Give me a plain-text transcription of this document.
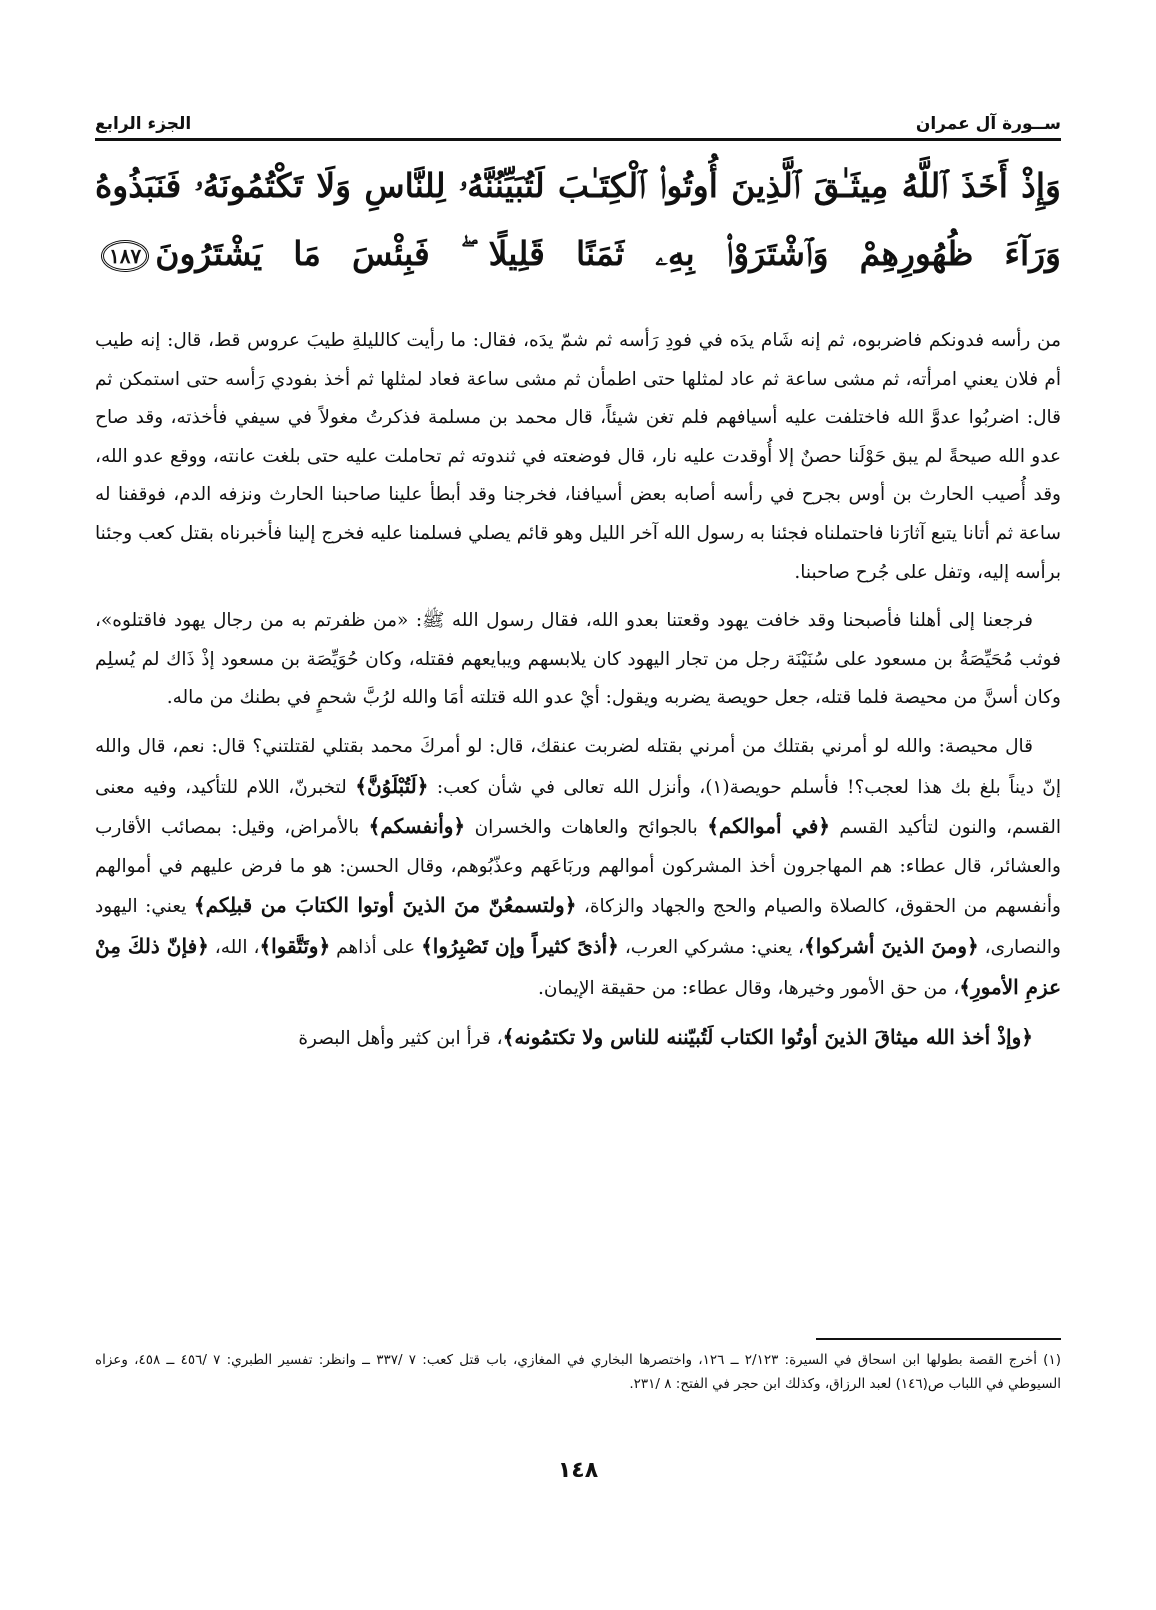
ســورة آل عمران
الجزء الرابع
وَإِذْ أَخَذَ ٱللَّهُ مِيثَـٰقَ ٱلَّذِينَ أُوتُوا۟ ٱلْكِتَـٰبَ لَتُبَيِّنُنَّهُۥ لِلنَّاسِ وَلَا تَكْتُمُونَهُۥ فَنَبَذُوهُ
وَرَآءَ ظُهُورِهِمْ وَٱشْتَرَوْا۟ بِهِۦ ثَمَنًا قَلِيلًا ۖ فَبِئْسَ مَا يَشْتَرُونَ١٨٧

من رأسه فدونكم فاضربوه، ثم إنه شَام يدَه في فودِ رَأسه ثم شمّ يدَه، فقال: ما رأيت كالليلةِ طيبَ عروس قط، قال: إنه طيب أم فلان يعني امرأته، ثم مشى ساعة ثم عاد لمثلها حتى اطمأن ثم مشى ساعة فعاد لمثلها ثم أخذ بفودي رَأسه حتى استمكن ثم قال: اضربُوا عدوَّ الله فاختلفت عليه أسيافهم فلم تغن شيئاً، قال محمد بن مسلمة فذكرتُ مغولاً في سيفي فأخذته، وقد صاح عدو الله صيحةً لم يبق حَوْلَنا حصنٌ إلا أُوقدت عليه نار، قال فوضعته في ثندوته ثم تحاملت عليه حتى بلغت عانته، ووقع عدو الله، وقد أُصيب الحارث بن أوس بجرح في رأسه أصابه بعض أسيافنا، فخرجنا وقد أبطأ علينا صاحبنا الحارث ونزفه الدم، فوقفنا له ساعة ثم أتانا يتبع آثارَنا فاحتملناه فجئنا به رسول الله آخر الليل وهو قائم يصلي فسلمنا عليه فخرج إلينا فأخبرناه بقتل كعب وجئنا برأسه إليه، وتفل على جُرح صاحبنا.

فرجعنا إلى أهلنا فأصبحنا وقد خافت يهود وقعتنا بعدو الله، فقال رسول الله ﷺ: «من ظفرتم به من رجال يهود فاقتلوه»، فوثب مُحَيِّصَةُ بن مسعود على سُنَيْنَة رجل من تجار اليهود كان يلابسهم ويبايعهم فقتله، وكان حُوَيِّصَة بن مسعود إذْ ذَاك لم يُسلِم وكان أسنَّ من محيصة فلما قتله، جعل حويصة يضربه ويقول: أيْ عدو الله قتلته أمَا والله لرُبَّ شحمٍ في بطنك من ماله.

قال محيصة: والله لو أمرني بقتلك من أمرني بقتله لضربت عنقك، قال: لو أمركَ محمد بقتلي لقتلتني؟ قال: نعم، قال والله إنّ ديناً بلغ بك هذا لعجب؟! فأسلم حويصة(١)، وأنزل الله تعالى في شأن كعب: ﴿لَتُبْلَوُنَّ﴾ لتخبرنّ، اللام للتأكيد، وفيه معنى القسم، والنون لتأكيد القسم ﴿في أموالكم﴾ بالجوائح والعاهات والخسران ﴿وأنفسكم﴾ بالأمراض، وقيل: بمصائب الأقارب والعشائر، قال عطاء: هم المهاجرون أخذ المشركون أموالهم وربَاعَهم وعذّبُوهم، وقال الحسن: هو ما فرض عليهم في أموالهم وأنفسهم من الحقوق، كالصلاة والصيام والحج والجهاد والزكاة، ﴿ولتسمعُنّ منَ الذينَ أوتوا الكتابَ من قبلِكم﴾ يعني: اليهود والنصارى، ﴿ومنَ الذينَ أشركوا﴾، يعني: مشركي العرب، ﴿أذىً كثيراً وإن تَصْبِرُوا﴾ على أذاهم ﴿وتَتَّقوا﴾، الله، ﴿فإنّ ذلكَ مِنْ عزمِ الأمورِ﴾، من حق الأمور وخيرها، وقال عطاء: من حقيقة الإيمان.

﴿وإذْ أخذ الله ميثاقَ الذينَ أوتُوا الكتاب لَتُبيّننه للناس ولا تكتمُونه﴾، قرأ ابن كثير وأهل البصرة

(١) أخرج القصة بطولها ابن اسحاق في السيرة: ٢/١٢٣ ــ ١٢٦، واختصرها البخاري في المغازي، باب قتل كعب: ٧ /٣٣٧ ــ وانظر: تفسير الطبري: ٧ /٤٥٦ ــ ٤٥٨، وعزاه السيوطي في اللباب ص(١٤٦) لعبد الرزاق، وكذلك ابن حجر في الفتح: ٨ /٢٣١.

١٤٨
